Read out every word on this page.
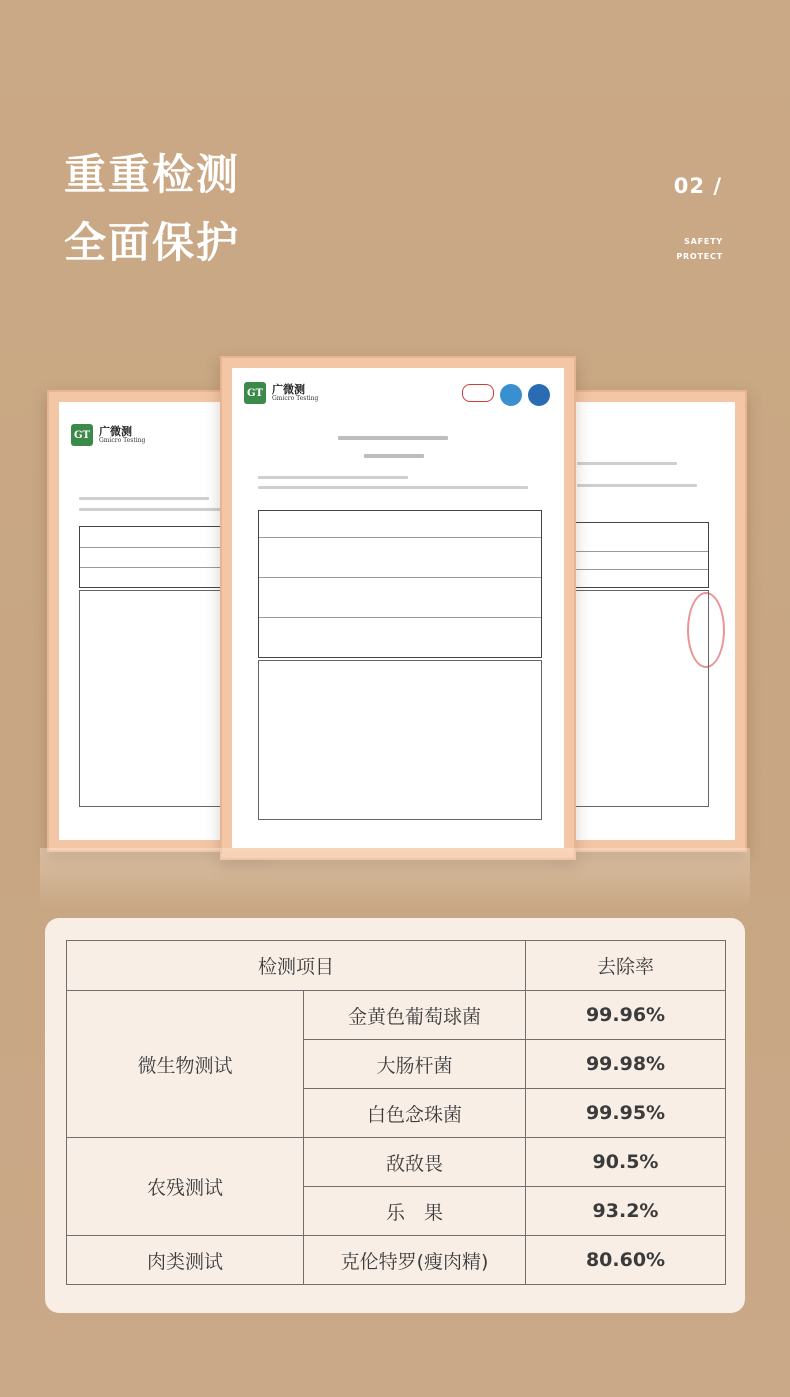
重重检测
全面保护
02 /
SAFETY
PROTECT
GT 广微测
Gmicro Testing
GT 广微测
Gmicro Testing
检测项目		去除率
微生物测试	金黄色葡萄球菌	99.96%
	大肠杆菌	99.98%
	白色念珠菌	99.95%
农残测试	敌敌畏	90.5%
	乐　果	93.2%
肉类测试	克伦特罗(瘦肉精)	80.60%
